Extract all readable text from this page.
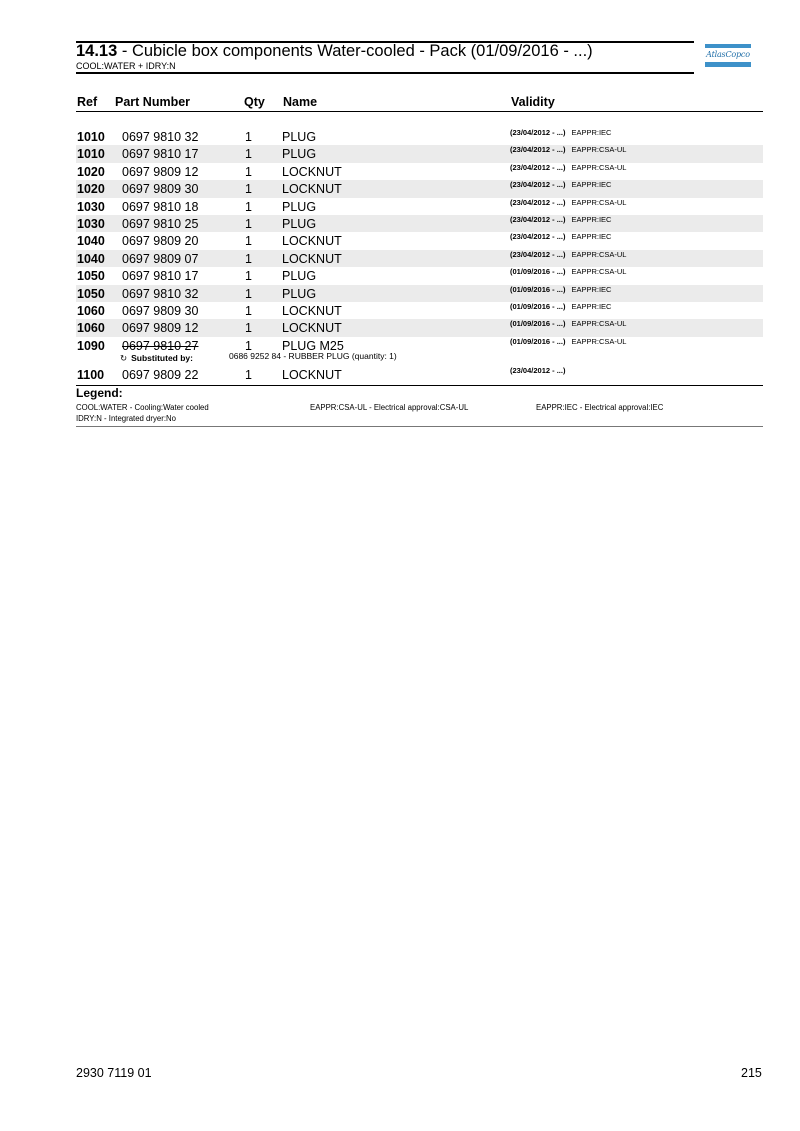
14.13 - Cubicle box components Water-cooled - Pack (01/09/2016 - ...)
COOL:WATER + IDRY:N
AtlasCopco
Ref Part Number	Qty Name	Validity
1010 0697 9810 32	1 PLUG	(23/04/2012 - ...) EAPPR:IEC
1010 0697 9810 17	1 PLUG	(23/04/2012 - ...) EAPPR:CSA-UL
1020 0697 9809 12	1 LOCKNUT	(23/04/2012 - ...) EAPPR:CSA-UL
1020 0697 9809 30	1 LOCKNUT	(23/04/2012 - ...) EAPPR:IEC
1030 0697 9810 18	1 PLUG	(23/04/2012 - ...) EAPPR:CSA-UL
1030 0697 9810 25	1 PLUG	(23/04/2012 - ...) EAPPR:IEC
1040 0697 9809 20	1 LOCKNUT	(23/04/2012 - ...) EAPPR:IEC
1040 0697 9809 07	1 LOCKNUT	(23/04/2012 - ...) EAPPR:CSA-UL
1050 0697 9810 17	1 PLUG	(01/09/2016 - ...) EAPPR:CSA-UL
1050 0697 9810 32	1 PLUG	(01/09/2016 - ...) EAPPR:IEC
1060 0697 9809 30	1 LOCKNUT	(01/09/2016 - ...) EAPPR:IEC
1060 0697 9809 12	1 LOCKNUT	(01/09/2016 - ...) EAPPR:CSA-UL
1090 0697 9810 27	1 PLUG M25	(01/09/2016 - ...) EAPPR:CSA-UL
↻ Substituted by:	0686 9252 84 - RUBBER PLUG (quantity: 1)
1100 0697 9809 22	1 LOCKNUT	(23/04/2012 - ...)
Legend:
COOL:WATER - Cooling:Water cooled	EAPPR:CSA-UL - Electrical approval:CSA-UL	EAPPR:IEC - Electrical approval:IEC
IDRY:N - Integrated dryer:No
2930 7119 01	215
